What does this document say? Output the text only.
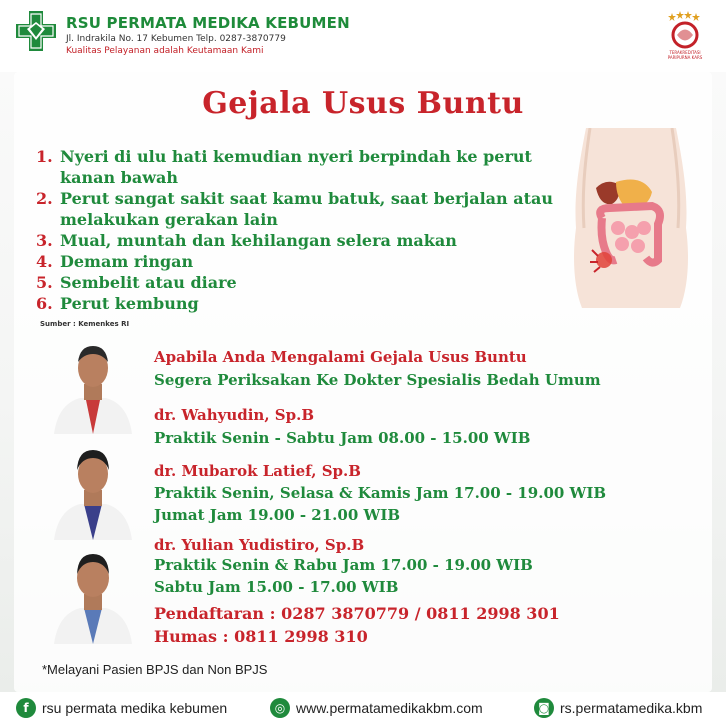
RSU PERMATA MEDIKA KEBUMEN
Jl. Indrakila No. 17 Kebumen Telp. 0287-3870779
Kualitas Pelayanan adalah Keutamaan Kami	TERAKREDITASI PARIPURNA KARS
Gejala Usus Buntu
1. Nyeri di ulu hati kemudian nyeri berpindah ke perut kanan bawah
2. Perut sangat sakit saat kamu batuk, saat berjalan atau melakukan gerakan lain
3. Mual, muntah dan kehilangan selera makan
4. Demam ringan
5. Sembelit atau diare
6. Perut kembung
Sumber : Kemenkes RI
Apabila Anda Mengalami Gejala Usus Buntu
Segera Periksakan Ke Dokter Spesialis Bedah Umum
dr. Wahyudin, Sp.B
Praktik Senin - Sabtu Jam 08.00 - 15.00 WIB
dr. Mubarok Latief, Sp.B
Praktik Senin, Selasa & Kamis Jam 17.00 - 19.00 WIB
Jumat Jam 19.00 - 21.00 WIB
dr. Yulian Yudistiro, Sp.B
Praktik Senin & Rabu Jam 17.00 - 19.00 WIB
Sabtu Jam 15.00 - 17.00 WIB
Pendaftaran : 0287 3870779 / 0811 2998 301
Humas : 0811 2998 310
*Melayani Pasien BPJS dan Non BPJS
f rsu permata medika kebumen	◎ www.permatamedikakbm.com	◙ rs.permatamedika.kbm
